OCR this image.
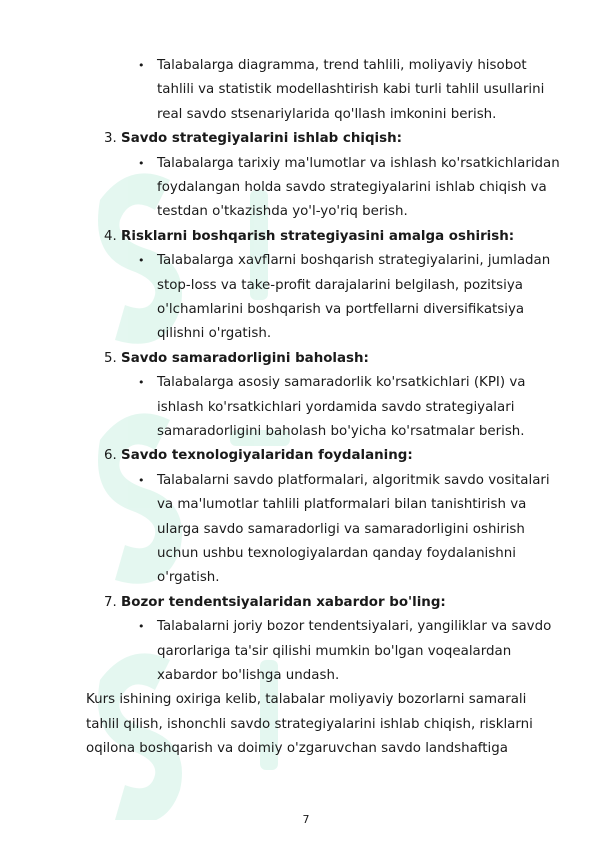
• Talabalarga diagramma, trend tahlili, moliyaviy hisobot
tahlili va statistik modellashtirish kabi turli tahlil usullarini
real savdo stsenariylarida qo'llash imkonini berish.
3. Savdo strategiyalarini ishlab chiqish:
• Talabalarga tarixiy ma'lumotlar va ishlash ko'rsatkichlaridan
foydalangan holda savdo strategiyalarini ishlab chiqish va
testdan o'tkazishda yo'l-yo'riq berish.
4. Risklarni boshqarish strategiyasini amalga oshirish:
• Talabalarga xavflarni boshqarish strategiyalarini, jumladan
stop-loss va take-profit darajalarini belgilash, pozitsiya
o'lchamlarini boshqarish va portfellarni diversifikatsiya
qilishni o'rgatish.
5. Savdo samaradorligini baholash:
• Talabalarga asosiy samaradorlik ko'rsatkichlari (KPI) va
ishlash ko'rsatkichlari yordamida savdo strategiyalari
samaradorligini baholash bo'yicha ko'rsatmalar berish.
6. Savdo texnologiyalaridan foydalaning:
• Talabalarni savdo platformalari, algoritmik savdo vositalari
va ma'lumotlar tahlili platformalari bilan tanishtirish va
ularga savdo samaradorligi va samaradorligini oshirish
uchun ushbu texnologiyalardan qanday foydalanishni
o'rgatish.
7. Bozor tendentsiyalaridan xabardor bo'ling:
• Talabalarni joriy bozor tendentsiyalari, yangiliklar va savdo
qarorlariga ta'sir qilishi mumkin bo'lgan voqealardan
xabardor bo'lishga undash.
Kurs ishining oxiriga kelib, talabalar moliyaviy bozorlarni samarali
tahlil qilish, ishonchli savdo strategiyalarini ishlab chiqish, risklarni
oqilona boshqarish va doimiy o'zgaruvchan savdo landshaftiga
7
